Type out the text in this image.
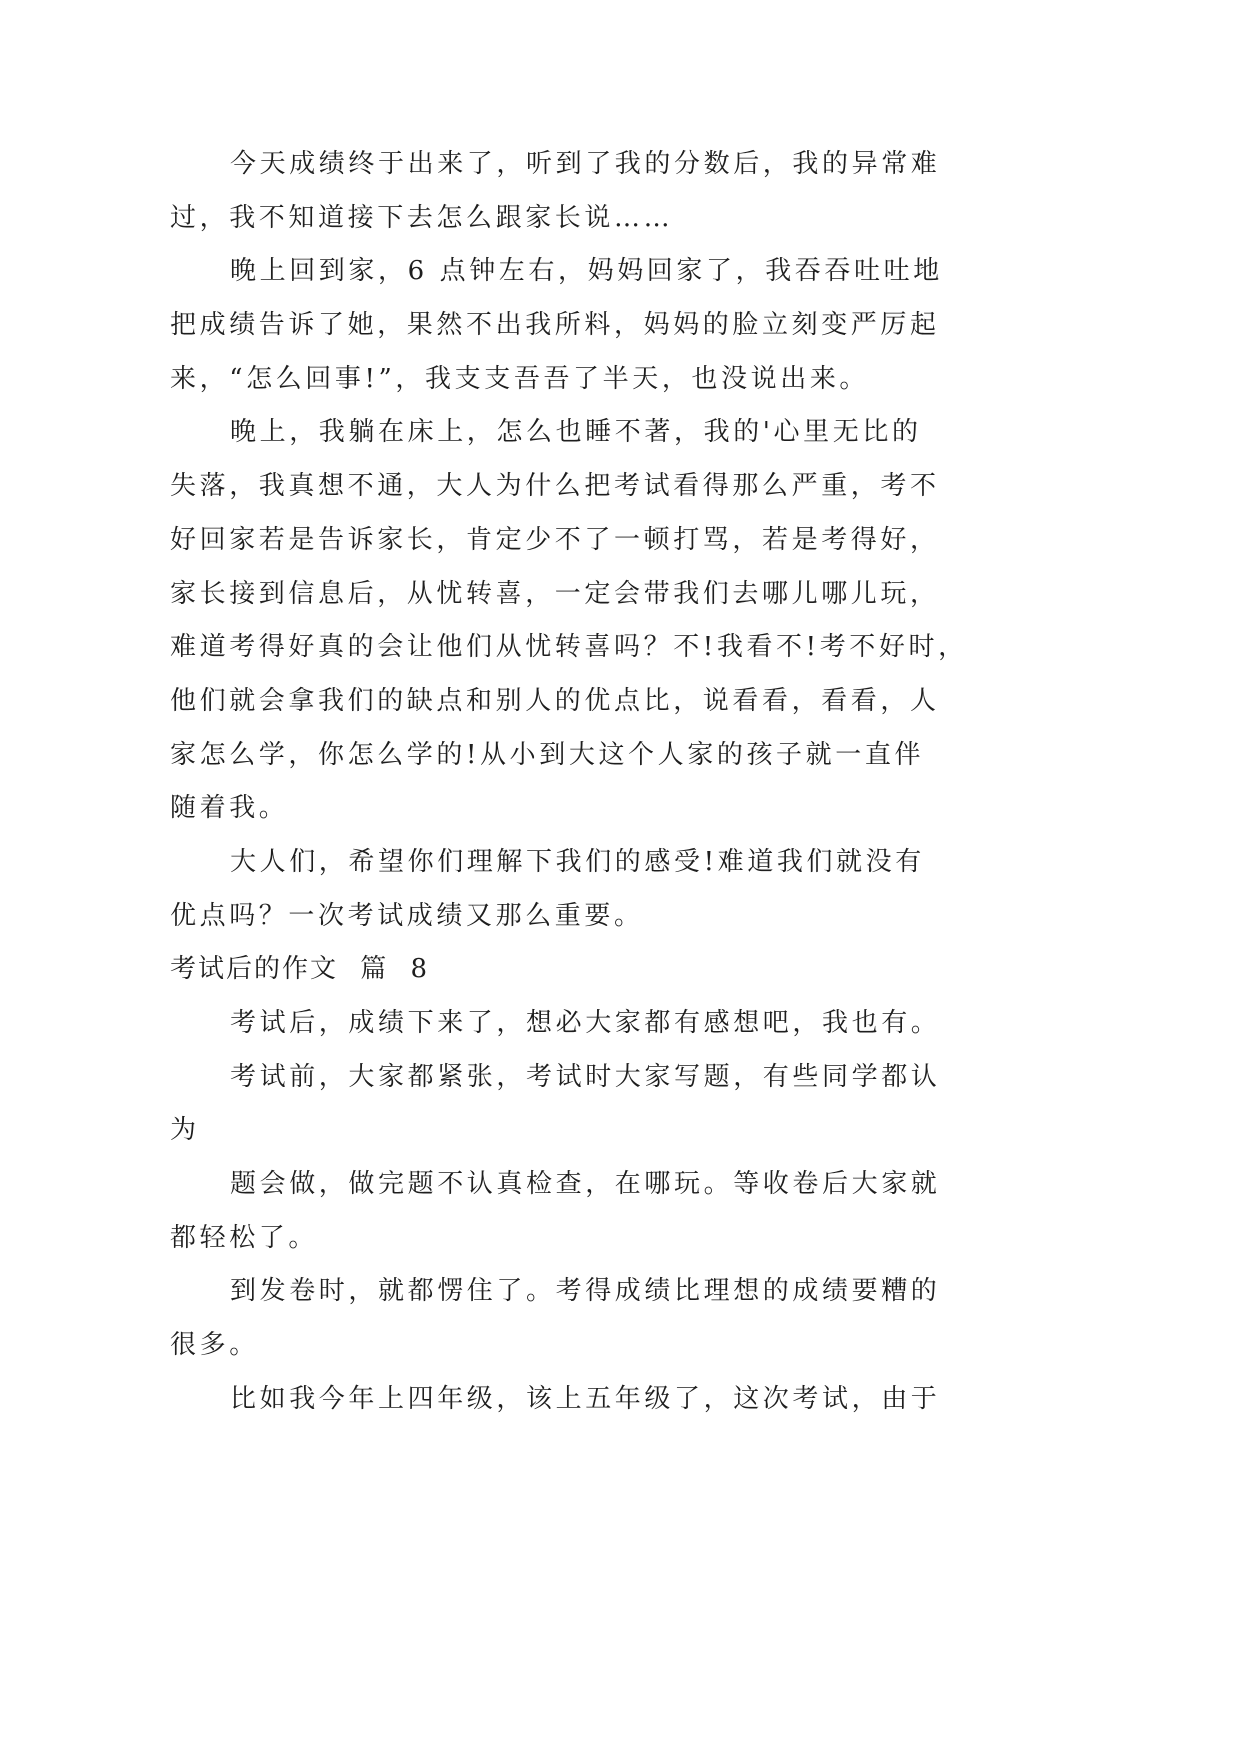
今天成绩终于出来了，听到了我的分数后，我的异常难
过，我不知道接下去怎么跟家长说……
晚上回到家，6 点钟左右，妈妈回家了，我吞吞吐吐地
把成绩告诉了她，果然不出我所料，妈妈的脸立刻变严厉起
来，“怎么回事!”，我支支吾吾了半天，也没说出来。
晚上，我躺在床上，怎么也睡不著，我的'心里无比的
失落，我真想不通，大人为什么把考试看得那么严重，考不
好回家若是告诉家长，肯定少不了一顿打骂，若是考得好，
家长接到信息后，从忧转喜，一定会带我们去哪儿哪儿玩，
难道考得好真的会让他们从忧转喜吗？不!我看不!考不好时，
他们就会拿我们的缺点和别人的优点比，说看看，看看，人
家怎么学，你怎么学的!从小到大这个人家的孩子就一直伴
随着我。
大人们，希望你们理解下我们的感受!难道我们就没有
优点吗？一次考试成绩又那么重要。
考试后的作文 篇 8
考试后，成绩下来了，想必大家都有感想吧，我也有。
考试前，大家都紧张，考试时大家写题，有些同学都认
为
题会做，做完题不认真检查，在哪玩。等收卷后大家就
都轻松了。
到发卷时，就都愣住了。考得成绩比理想的成绩要糟的
很多。
比如我今年上四年级，该上五年级了，这次考试，由于
